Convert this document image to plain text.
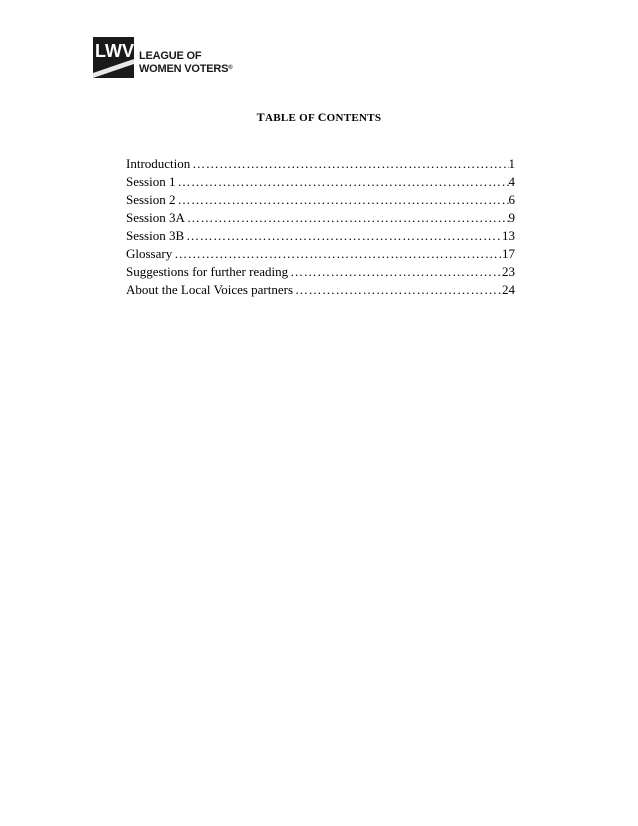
LWV LEAGUE OF
WOMEN VOTERS®
TABLE OF CONTENTS
Introduction …………………………………………………………………………………………………………………………	1
Session 1 …………………………………………………………………………………………………………………………	4
Session 2 …………………………………………………………………………………………………………………………	6
Session 3A …………………………………………………………………………………………………………………………	9
Session 3B …………………………………………………………………………………………………………………………	13
Glossary …………………………………………………………………………………………………………………………	17
Suggestions for further reading …………………………………………………………………………………………………………………………	23
About the Local Voices partners …………………………………………………………………………………………………………………………	24
